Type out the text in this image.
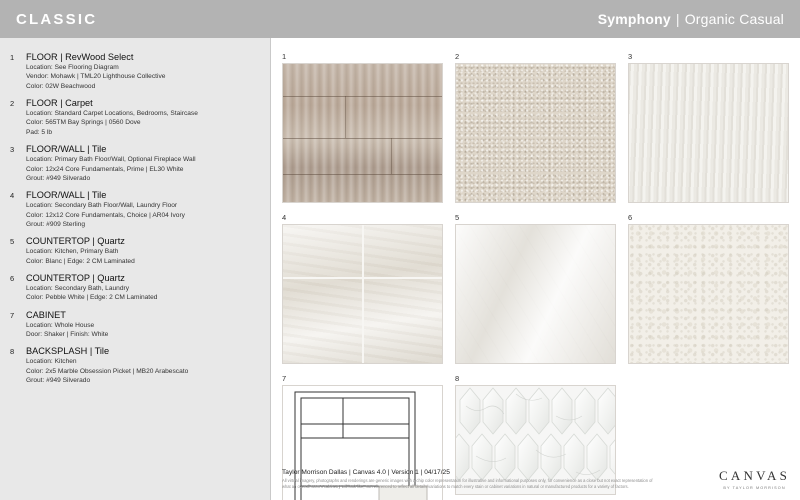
CLASSIC	Symphony | Organic Casual
1	FLOOR | RevWood Select
Location: See Flooring Diagram
Vendor: Mohawk | TML20 Lighthouse Collective
Color: 02W Beachwood
2	FLOOR | Carpet
Location: Standard Carpet Locations, Bedrooms, Staircase
Color: 565TM Bay Springs | 0560 Dove
Pad: 5 lb
3	FLOOR/WALL | Tile
Location: Primary Bath Floor/Wall, Optional Fireplace Wall
Color: 12x24 Core Fundamentals, Prime | EL30 White
Grout: #949 Silverado
4	FLOOR/WALL | Tile
Location: Secondary Bath Floor/Wall, Laundry Floor
Color: 12x12 Core Fundamentals, Choice | AR04 Ivory
Grout: #909 Sterling
5	COUNTERTOP | Quartz
Location: Kitchen, Primary Bath
Color: Blanc | Edge: 2 CM Laminated
6	COUNTERTOP | Quartz
Location: Secondary Bath, Laundry
Color: Pebble White | Edge: 2 CM Laminated
7	CABINET
Location: Whole House
Door: Shaker | Finish: White
8	BACKSPLASH | Tile
Location: Kitchen
Color: 2x5 Marble Obsession Picket | MB20 Arabescato
Grout: #949 Silverado
1	2	3
4	5	6
7	8
Taylor Morrison Dallas | Canvas 4.0 | Version 1 | 04/17/25
All virtual imagery, photographs and renderings are generic images with a chip color representation for illustrative and informational purposes only, for convenience as a close but not exact representation of what an overall room's cabinetry will look like, not referenced to reflect all details/variations to match every stain or cabinet variations in natural or manufactured products for a variety of factors.
CANVAS
BY TAYLOR MORRISON
